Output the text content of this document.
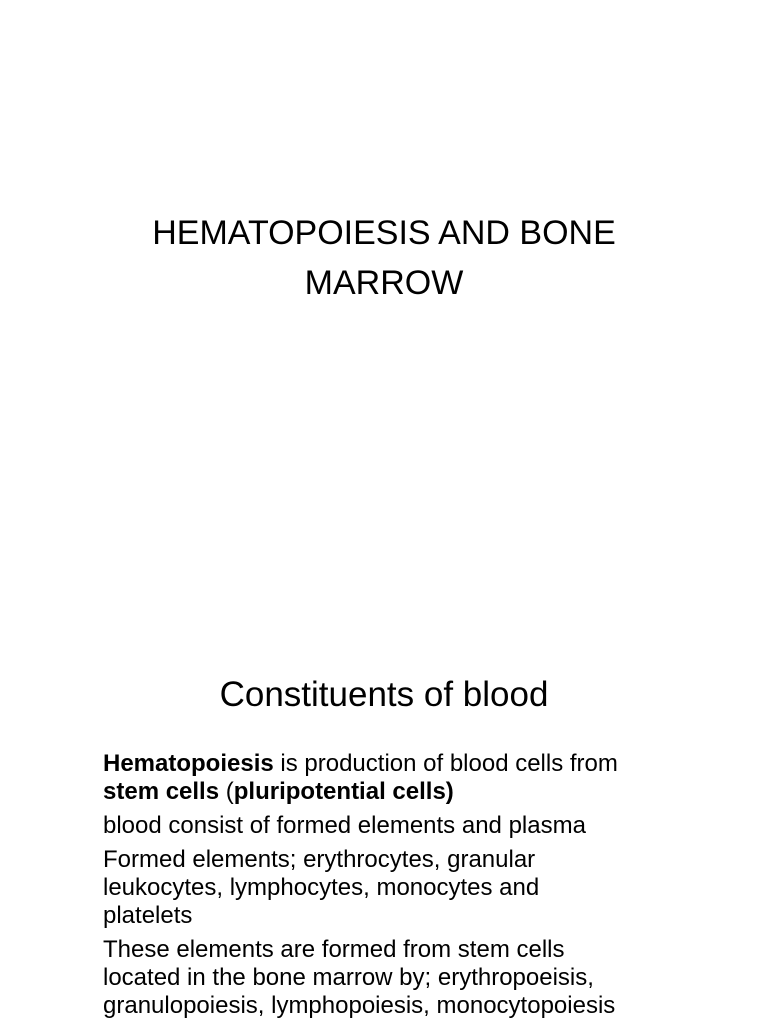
HEMATOPOIESIS AND BONE
MARROW
Constituents of blood
Hematopoiesis is production of blood cells from
stem cells (pluripotential cells)
blood consist of formed elements and plasma
Formed elements; erythrocytes, granular
leukocytes, lymphocytes, monocytes and
platelets
These elements are formed from stem cells
located in the bone marrow by; erythropoeisis,
granulopoiesis, lymphopoiesis, monocytopoiesis
